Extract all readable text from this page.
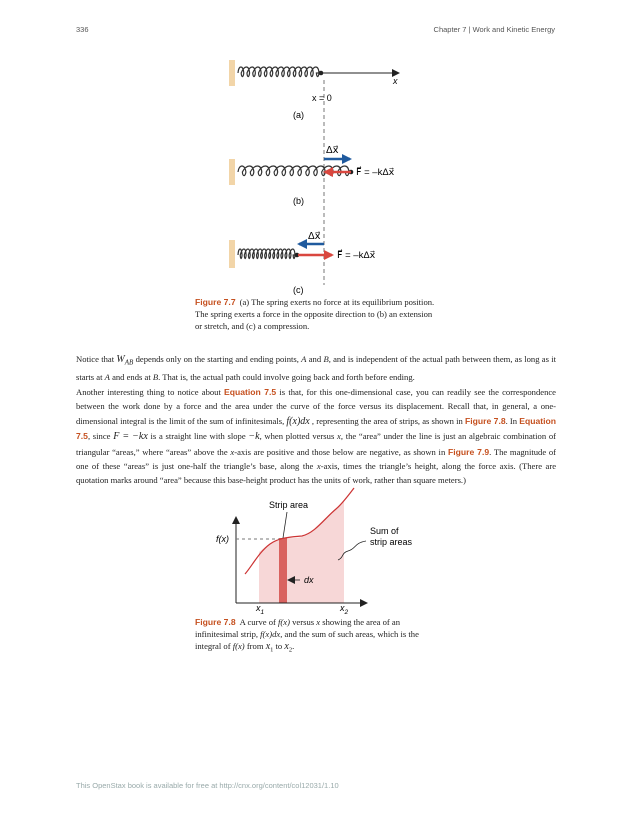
336	Chapter 7 | Work and Kinetic Energy
x
x = 0
(a)
Δx⃗
F⃗ = –kΔx⃗
(b)
Δx⃗
F⃗ = –kΔx⃗
(c)
Strip area
Sum of
strip areas
f(x)
dx
$x_1$	$x_2$
Figure 7.7 (a) The spring exerts no force at its equilibrium position. The spring exerts a force in the opposite direction to (b) an extension or stretch, and (c) a compression.
Notice that $W_{AB}$ depends only on the starting and ending points, A and B, and is independent of the actual path between them, as long as it starts at A and ends at B. That is, the actual path could involve going back and forth before ending.
Another interesting thing to notice about Equation 7.5 is that, for this one-dimensional case, you can readily see the correspondence between the work done by a force and the area under the curve of the force versus its displacement. Recall that, in general, a one-dimensional integral is the limit of the sum of infinitesimals, f(x)dx , representing the area of strips, as shown in Figure 7.8. In Equation 7.5, since F = −kx is a straight line with slope −k, when plotted versus x, the “area” under the line is just an algebraic combination of triangular “areas,” where “areas” above the x-axis are positive and those below are negative, as shown in Figure 7.9. The magnitude of one of these “areas” is just one-half the triangle’s base, along the x-axis, times the triangle’s height, along the force axis. (There are quotation marks around “area” because this base-height product has the units of work, rather than square meters.)
Figure 7.8 A curve of f(x) versus x showing the area of an infinitesimal strip, f(x)dx, and the sum of such areas, which is the integral of f(x) from $x_1$ to $x_2$.
This OpenStax book is available for free at http://cnx.org/content/col12031/1.10
